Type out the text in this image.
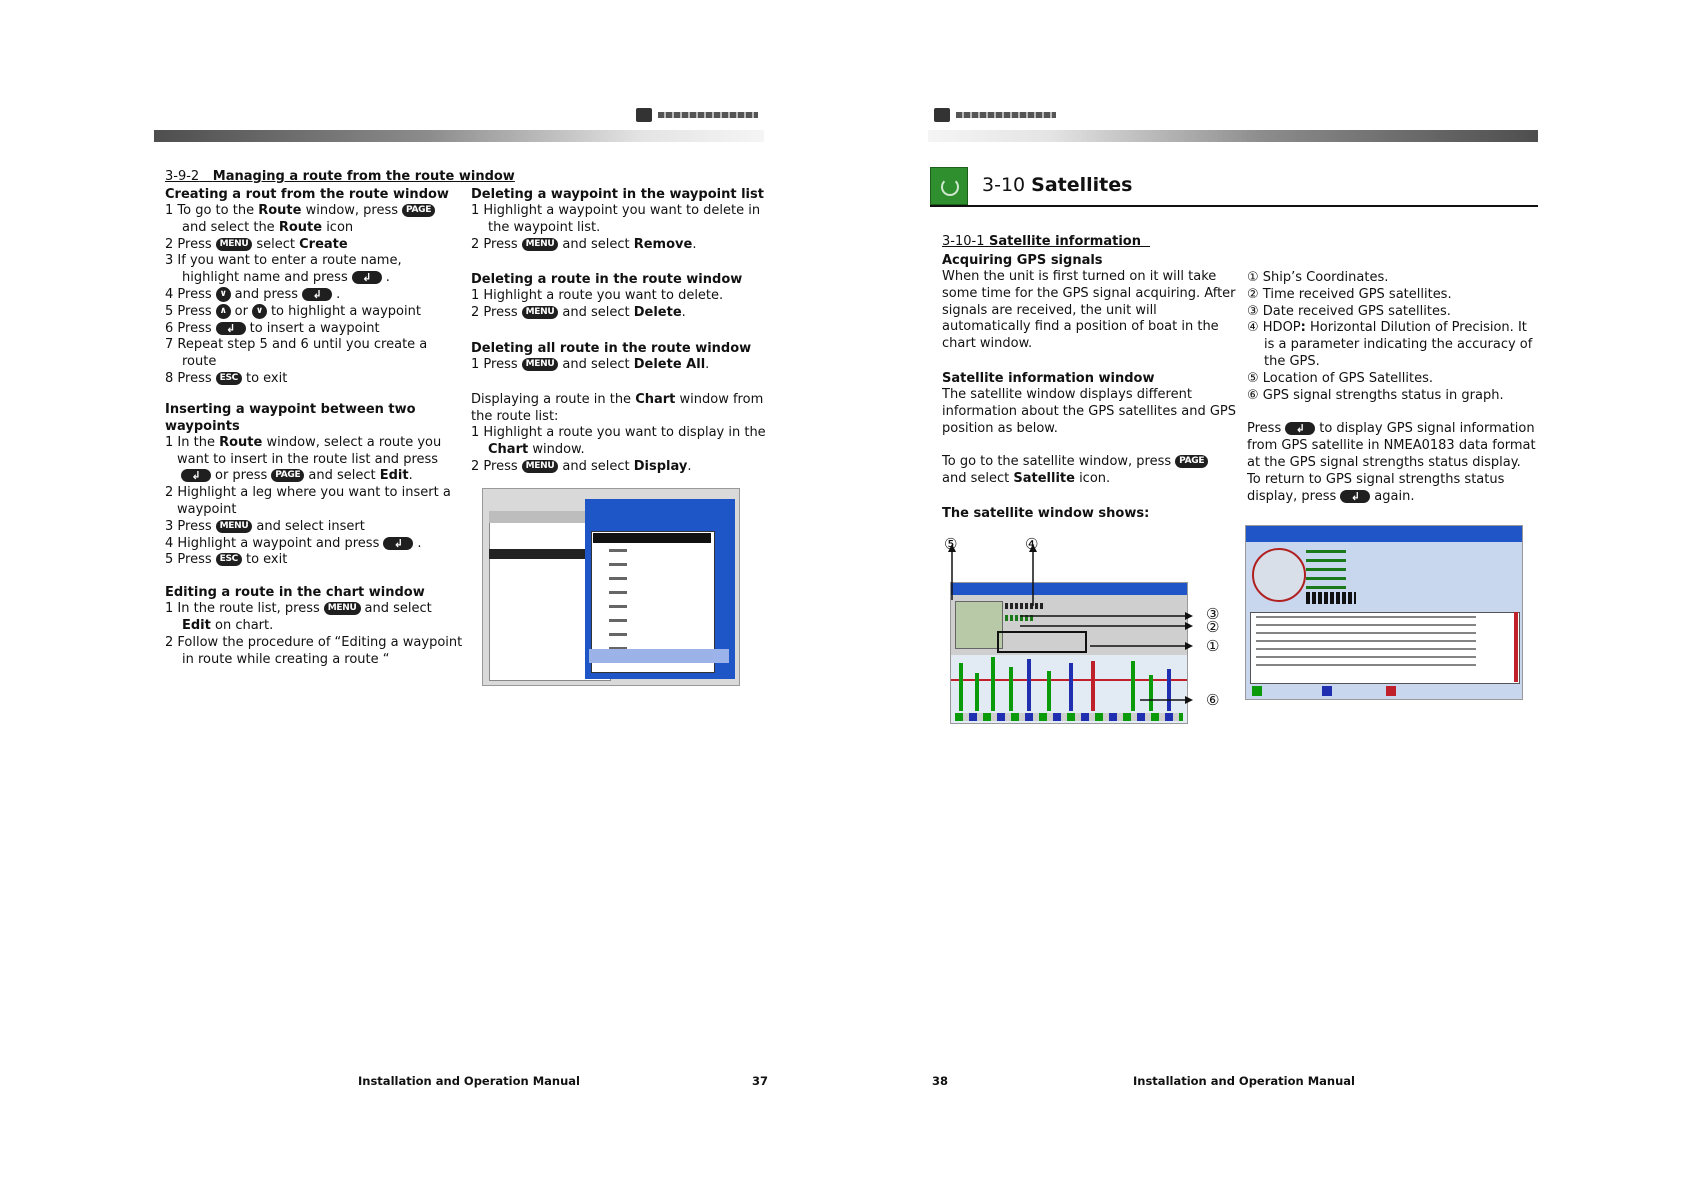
3-9-2 Managing a route from the route window
Creating a rout from the route window
1 To go to the Route window, press PAGE
and select the Route icon
2 Press MENU select Create
3 If you want to enter a route name,
highlight name and press ↲ .
4 Press ∨ and press ↲ .
5 Press ∧ or ∨ to highlight a waypoint
6 Press ↲ to insert a waypoint
7 Repeat step 5 and 6 until you create a
route
8 Press ESC to exit
Inserting a waypoint between two
waypoints
1 In the Route window, select a route you
want to insert in the route list and press
↲ or press PAGE and select Edit.
2 Highlight a leg where you want to insert a
waypoint
3 Press MENU and select insert
4 Highlight a waypoint and press ↲ .
5 Press ESC to exit
Editing a route in the chart window
1 In the route list, press MENU and select
Edit on chart.
2 Follow the procedure of “Editing a waypoint
in route while creating a route “
Deleting a waypoint in the waypoint list
1 Highlight a waypoint you want to delete in
the waypoint list.
2 Press MENU and select Remove.
Deleting a route in the route window
1 Highlight a route you want to delete.
2 Press MENU and select Delete.
Deleting all route in the route window
1 Press MENU and select Delete All.
Displaying a route in the Chart window from
the route list:
1 Highlight a route you want to display in the
Chart window.
2 Press MENU and select Display.
Installation and Operation Manual	37
3-10 Satellites
3-10-1 Satellite information
Acquiring GPS signals
When the unit is first turned on it will take
some time for the GPS signal acquiring. After
signals are received, the unit will
automatically find a position of boat in the
chart window.
Satellite information window
The satellite window displays different
information about the GPS satellites and GPS
position as below.
To go to the satellite window, press PAGE
and select Satellite icon.
The satellite window shows:
① Ship’s Coordinates.
② Time received GPS satellites.
③ Date received GPS satellites.
④ HDOP: Horizontal Dilution of Precision. It
is a parameter indicating the accuracy of
the GPS.
⑤ Location of GPS Satellites.
⑥ GPS signal strengths status in graph.
Press ↲ to display GPS signal information
from GPS satellite in NMEA0183 data format
at the GPS signal strengths status display.
To return to GPS signal strengths status
display, press ↲ again.
⑤	④
③
②
①
⑥
38	Installation and Operation Manual
